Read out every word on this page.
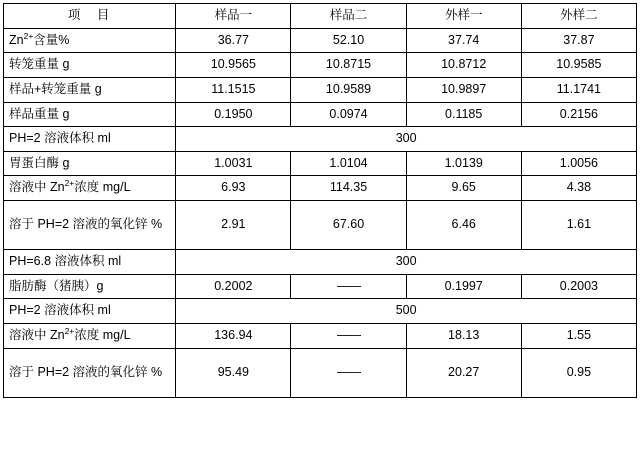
项　目	样品一	样品二	外样一	外样二
$Zn^{2+}$含量%	36.77	52.10	37.74	37.87
转笼重量 g	10.9565	10.8715	10.8712	10.9585
样品+转笼重量 g	11.1515	10.9589	10.9897	11.1741
样品重量 g	0.1950	0.0974	0.1185	0.2156
PH=2 溶液体积 ml	300			
胃蛋白酶 g	1.0031	1.0104	1.0139	1.0056
溶液中 $Zn^{2+}$浓度 mg/L	6.93	114.35	9.65	4.38
溶于 PH=2 溶液的氧化锌 %	2.91	67.60	6.46	1.61
PH=6.8 溶液体积 ml	300			
脂肪酶（猪胰）g	0.2002	——	0.1997	0.2003
PH=2 溶液体积 ml	500			
溶液中 $Zn^{2+}$浓度 mg/L	136.94	——	18.13	1.55
溶于 PH=2 溶液的氧化锌 %	95.49	——	20.27	0.95
